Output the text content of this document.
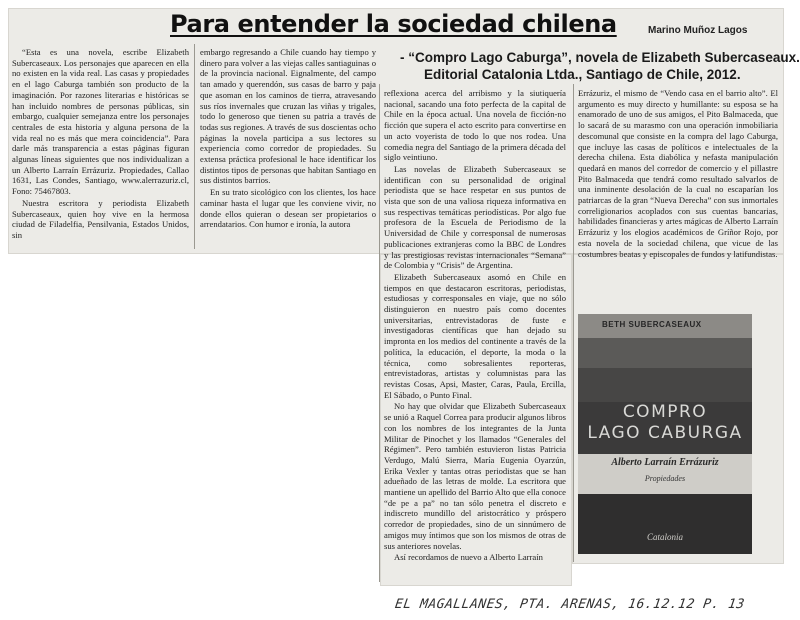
Para entender la sociedad chilena	Marino Muñoz Lagos
- “Compro Lago Caburga”, novela de Elizabeth Subercaseaux.
Editorial Catalonia Ltda., Santiago de Chile, 2012.

“Esta es una novela, escribe Elizabeth Subercaseaux. Los personajes que aparecen en ella no existen en la vida real. Las casas y propiedades en el lago Caburga también son producto de la imaginación. Por razones literarias e históricas se han incluido nombres de personas públicas, sin embargo, cualquier semejanza entre los personajes centrales de esta historia y alguna persona de la vida real no es más que mera coincidencia”. Para darle más transparencia a estas páginas figuran algunas líneas siguientes que nos individualizan a un Alberto Larraín Errázuriz. Propiedades, Callao 1631, Las Condes, Santiago, www.alerrazuriz.cl, Fono: 75467803.

Nuestra escritora y periodista Elizabeth Subercaseaux, quien hoy vive en la hermosa ciudad de Filadelfia, Pensilvania, Estados Unidos, sin

embargo regresando a Chile cuando hay tiempo y dinero para volver a las viejas calles santiaguinas o de la provincia nacional. Eignalmente, del campo tan amado y querendón, sus casas de barro y paja que asoman en los caminos de tierra, atravesando sus ríos invernales que cruzan las viñas y trigales, todo lo generoso que tienen su patria a través de todas sus regiones. A través de sus doscientas ocho páginas la novela participa a sus lectores su experiencia como corredor de propiedades. Su extensa práctica profesional le hace identificar los distintos tipos de personas que habitan Santiago en sus distintos barrios.

En su trato sicológico con los clientes, los hace caminar hasta el lugar que les conviene vivir, no donde ellos quieran o desean ser propietarios o arrendatarios. Con humor e ironía, la autora

reflexiona acerca del arribismo y la siutiquería nacional, sacando una foto perfecta de la capital de Chile en la época actual. Una novela de ficción-no ficción que supera el acto escrito para convertirse en un acto voyerista de todo lo que nos rodea. Una comedia negra del Santiago de la primera década del siglo veintiuno.

Las novelas de Elizabeth Subercaseaux se identifican con su personalidad de original periodista que se hace respetar en sus puntos de vista que son de una valiosa riqueza informativa en sus respectivas temáticas periodísticas. Por algo fue profesora de la Escuela de Periodismo de la Universidad de Chile y corresponsal de numerosas publicaciones extranjeras como la BBC de Londres y las prestigiosas revistas internacionales “Semana” de Colombia y “Crisis” de Argentina.

Elizabeth Subercaseaux asomó en Chile en tiempos en que destacaron escritoras, periodistas, estudiosas y corresponsales en viaje, que no sólo distinguieron en nuestro país como docentes universitarias, entrevistadoras de fuste e investigadoras científicas que han dejado su impronta en los medios del continente a través de la política, la educación, el deporte, la moda o la técnica, como sobresalientes reporteras, entrevistadoras, artistas y columnistas para las revistas Cosas, Apsi, Master, Caras, Paula, Ercilla, El Sábado, o Punto Final.

No hay que olvidar que Elizabeth Subercaseaux se unió a Raquel Correa para producir algunos libros con los nombres de los integrantes de la Junta Militar de Pinochet y los llamados “Generales del Régimen”. Pero también estuvieron listas Patricia Verdugo, Malú Sierra, María Eugenia Oyarzún, Erika Vexler y tantas otras periodistas que se han adueñado de las letras de molde. La escritora que mantiene un apellido del Barrio Alto que ella conoce “de pe a pa” no tan sólo penetra el discreto e indiscreto mundillo del aristocrático y próspero corredor de propiedades, sino de un sinnúmero de amigos muy íntimos que son los mismos de otras de sus anteriores novelas.

Así recordamos de nuevo a Alberto Larraín

Errázuriz, el mismo de “Vendo casa en el barrio alto”. El argumento es muy directo y humillante: su esposa se ha enamorado de uno de sus amigos, el Pito Balmaceda, que lo sacará de su marasmo con una operación inmobiliaria descomunal que consiste en la compra del lago Caburga, que incluye las casas de políticos e intelectuales de la derecha chilena. Esta diabólica y nefasta manipulación quedará en manos del corredor de comercio y el pillastre Pito Balmaceda que tendrá como resultado salvarlos de una inminente desolación de la cual no escaparían los patriarcas de la gran “Nueva Derecha” con sus inmortales correligionarios acoplados con sus cuentas bancarias, habilidades financieras y artes mágicas de Alberto Larraín Errázuriz y los elogios académicos de Gríñor Rojo, por esta novela de la sociedad chilena, que vicue de las costumbres beatas y episcopales de fundos y latifundistas.

BETH SUBERCASEAUX
COMPRO
LAGO CABURGA
Alberto Larraín Errázuriz
Propiedades
Catalonia
EL MAGALLANES, PTA. ARENAS, 16.12.12 P. 13
